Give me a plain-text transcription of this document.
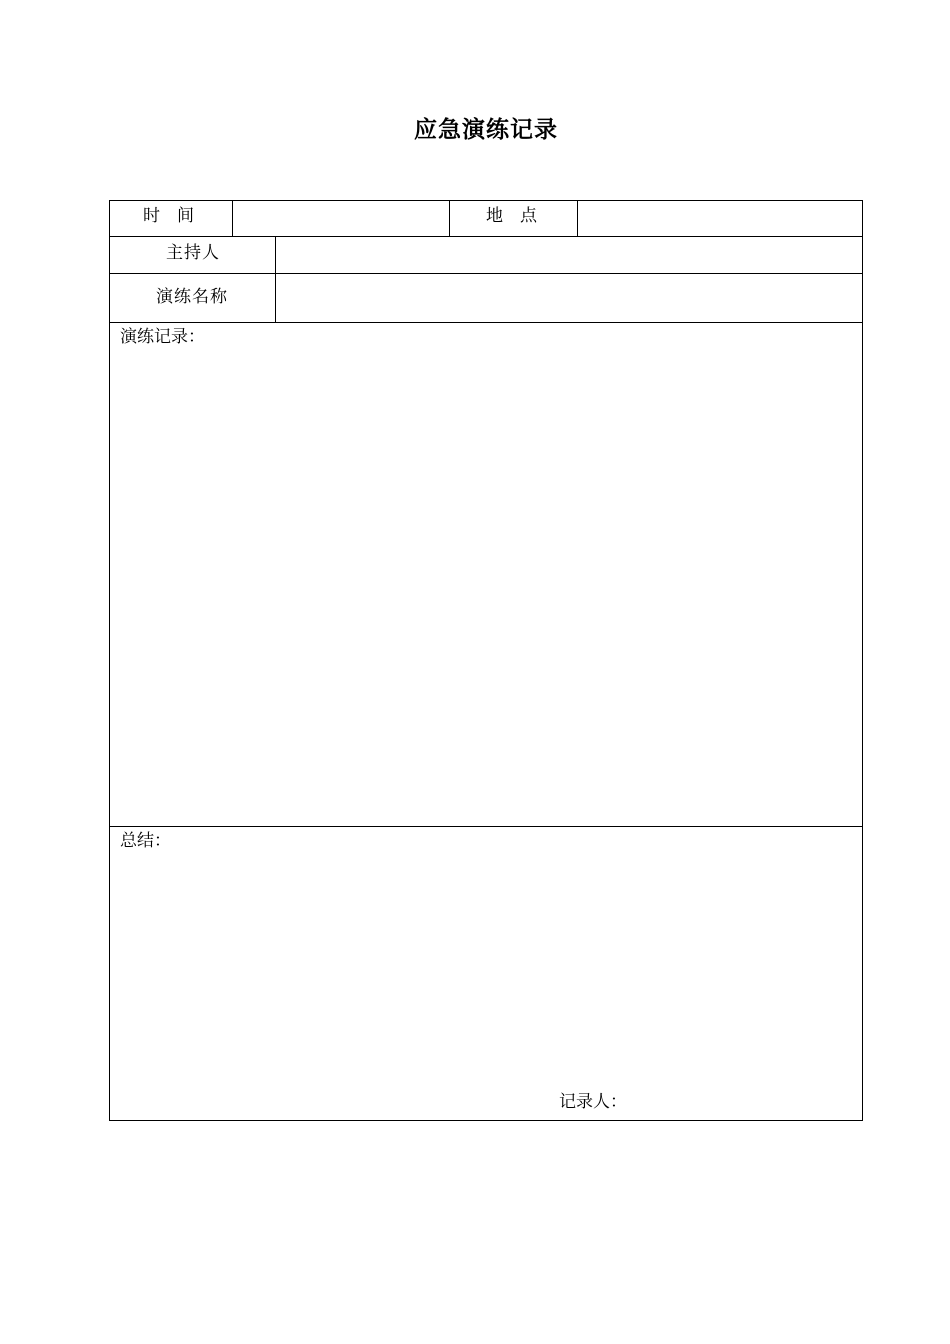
应急演练记录
时　间	地　点
主持人
演练名称
演练记录：
总结：
记录人：
